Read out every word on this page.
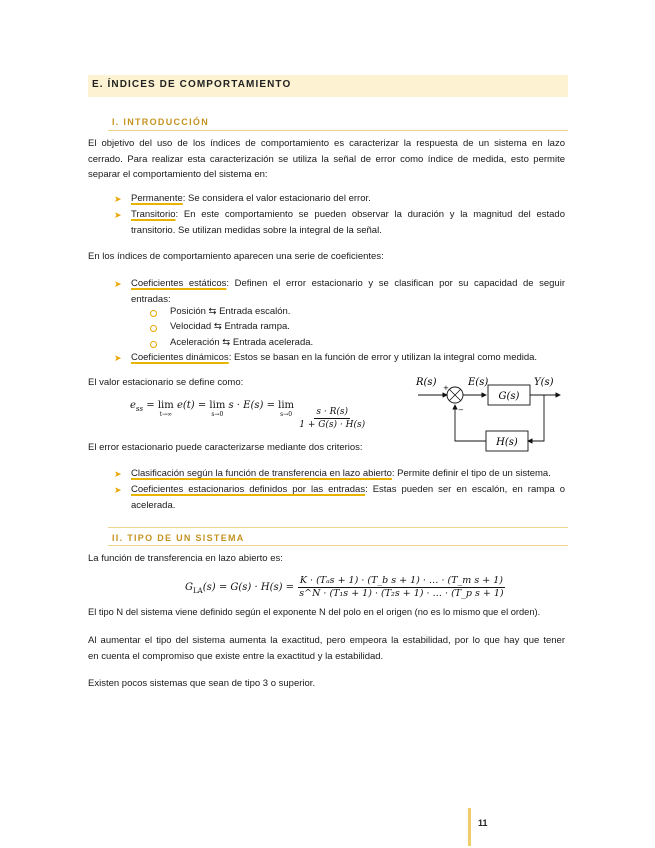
E. ÍNDICES DE COMPORTAMIENTO
I. INTRODUCCIÓN
El objetivo del uso de los índices de comportamiento es caracterizar la respuesta de un sistema en lazo
cerrado. Para realizar esta caracterización se utiliza la señal de error como índice de medida, esto permite
separar el comportamiento del sistema en:
➤ Permanente: Se considera el valor estacionario del error.
➤ Transitorio: En este comportamiento se pueden observar la duración y la magnitud del estado
transitorio. Se utilizan medidas sobre la integral de la señal.
En los índices de comportamiento aparecen una serie de coeficientes:
➤ Coeficientes estáticos: Definen el error estacionario y se clasifican por su capacidad de seguir
entradas:
Posición ⇆ Entrada escalón.
Velocidad ⇆ Entrada rampa.
Aceleración ⇆ Entrada acelerada.
➤ Coeficientes dinámicos: Estos se basan en la función de error y utilizan la integral como medida.
El valor estacionario se define como:
$e_{ss} = \lim$
t→∞
e(t) = lim
s→0
s · E(s) = lim
s→0
$\frac{s \cdot R(s)}{1 + G(s) \cdot H(s)}$
R(s)	E(s)	Y(s)
+
−
G(s)
H(s)
El error estacionario puede caracterizarse mediante dos criterios:
➤ Clasificación según la función de transferencia en lazo abierto: Permite definir el tipo de un sistema.
➤ Coeficientes estacionarios definidos por las entradas: Estas pueden ser en escalón, en rampa o
acelerada.
II. TIPO DE UN SISTEMA
La función de transferencia en lazo abierto es:
$G_{LA}(s) = G(s) \cdot H(s) = \frac{\text{K · (Tₐs + 1) · (T\_b s + 1) · … · (T\_m s + 1)}}{\text{s\textasciicircum{}N · (T₁s + 1) · (T₂s + 1) · … · (T\_p s + 1)}}$
El tipo N del sistema viene definido según el exponente N del polo en el origen (no es lo mismo que el orden).
Al aumentar el tipo del sistema aumenta la exactitud, pero empeora la estabilidad, por lo que hay que tener
en cuenta el compromiso que existe entre la exactitud y la estabilidad.
Existen pocos sistemas que sean de tipo 3 o superior.
11
